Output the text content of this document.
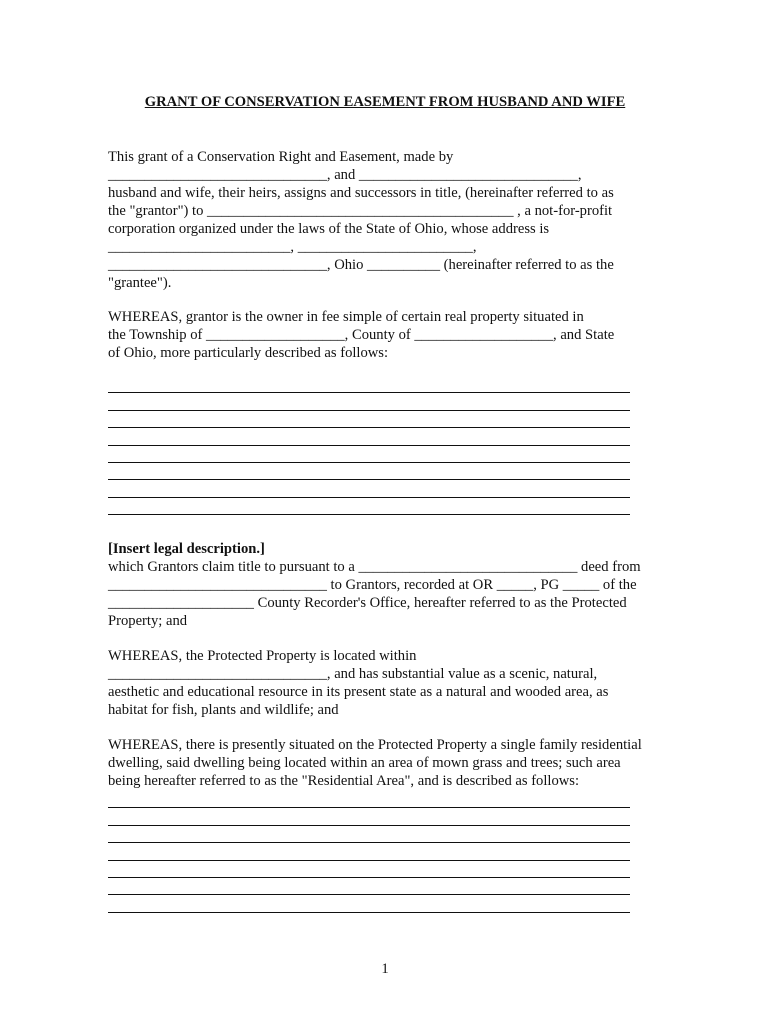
GRANT OF CONSERVATION EASEMENT FROM HUSBAND AND WIFE
This grant of a Conservation Right and Easement, made by
______________________________, and ______________________________,
husband and wife, their heirs, assigns and successors in title, (hereinafter referred to as
the "grantor") to __________________________________________ , a not-for-profit
corporation organized under the laws of the State of Ohio, whose address is
_________________________, ________________________,
______________________________, Ohio __________ (hereinafter referred to as the
"grantee").
WHEREAS, grantor is the owner in fee simple of certain real property situated in
the Township of ___________________, County of ___________________, and State
of Ohio, more particularly described as follows:
[Insert legal description.]
which Grantors claim title to pursuant to a ______________________________ deed from
______________________________ to Grantors, recorded at OR _____, PG _____ of the
____________________ County Recorder's Office, hereafter referred to as the Protected
Property; and
WHEREAS, the Protected Property is located within
______________________________, and has substantial value as a scenic, natural,
aesthetic and educational resource in its present state as a natural and wooded area, as
habitat for fish, plants and wildlife; and
WHEREAS, there is presently situated on the Protected Property a single family residential
dwelling, said dwelling being located within an area of mown grass and trees; such area
being hereafter referred to as the "Residential Area", and is described as follows:
1
